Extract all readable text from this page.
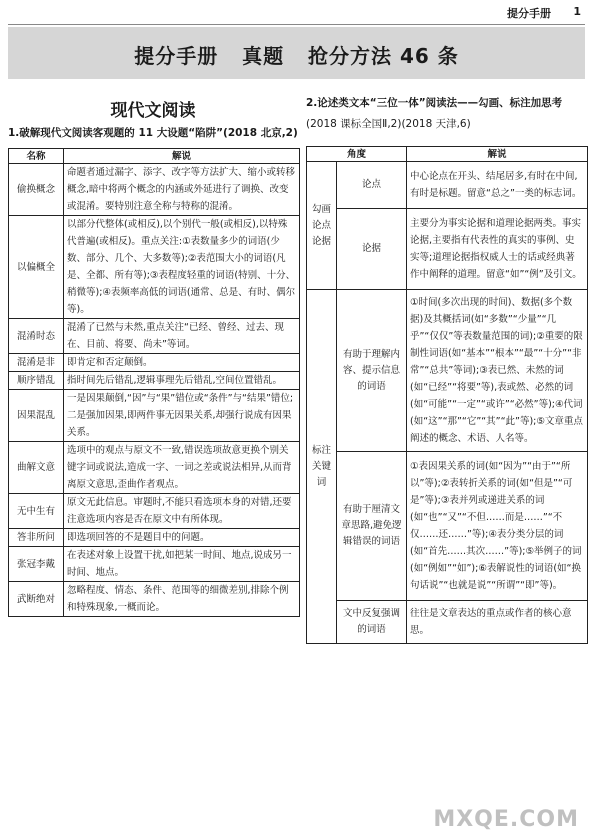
提分手册 1
提分手册   真题   抢分方法 46 条
现代文阅读
1.破解现代文阅读客观题的 11 大设题“陷阱”(2018 北京,2)
名称	解说
偷换概念	命题者通过漏字、添字、改字等方法扩大、缩小或转移概念,暗中将两个概念的内涵或外延进行了调换、改变或混淆。要特别注意全称与特称的混淆。
以偏概全	以部分代整体(或相反),以个别代一般(或相反),以特殊代普遍(或相反)。重点关注:①表数量多少的词语(少数、部分、几个、大多数等);②表范围大小的词语(凡是、全都、所有等);③表程度轻重的词语(特别、十分、稍微等);④表频率高低的词语(通常、总是、有时、偶尔等)。
混淆时态	混淆了已然与未然,重点关注“已经、曾经、过去、现在、目前、将要、尚未”等词。
混淆是非	即肯定和否定颠倒。
顺序错乱	指时间先后错乱,逻辑事理先后错乱,空间位置错乱。
因果混乱	一是因果颠倒,“因”与“果”错位或“条件”与“结果”错位;二是强加因果,即两件事无因果关系,却强行说成有因果关系。
曲解文意	选项中的观点与原文不一致,错误选项故意更换个别关键字词或说法,造成一字、一词之差或说法相异,从而背离原文意思,歪曲作者观点。
无中生有	原文无此信息。审题时,不能只看选项本身的对错,还要注意选项内容是否在原文中有所体现。
答非所问	即选项回答的不是题目中的问题。
张冠李戴	在表述对象上设置干扰,如把某一时间、地点,说成另一时间、地点。
武断绝对	忽略程度、情态、条件、范围等的细微差别,排除个例和特殊现象,一概而论。
2.论述类文本“三位一体”阅读法——勾画、标注加思考
(2018 课标全国Ⅱ,2)(2018 天津,6)
角度		解说
勾画论点论据	论点	中心论点在开头、结尾居多,有时在中间,有时是标题。留意“总之”一类的标志词。
	论据	主要分为事实论据和道理论据两类。事实论据,主要指有代表性的真实的事例、史实等;道理论据指权威人士的话或经典著作中阐释的道理。留意“如”“例”及引文。
标注关键词	有助于理解内容、提示信息的词语	①时间(多次出现的时间)、数据(多个数据)及其概括词(如“多数”“少量”“几乎”“仅仅”等表数量范围的词);②重要的限制性词语(如“基本”“根本”“最”“十分”“非常”“总共”等词);③表已然、未然的词(如“已经”“将要”等),表或然、必然的词(如“可能”“一定”“或许”“必然”等);④代词(如“这”“那”“它”“其”“此”等);⑤文章重点阐述的概念、术语、人名等。
	有助于厘清文章思路,避免逻辑错误的词语	①表因果关系的词(如“因为”“由于”“所以”等);②表转折关系的词(如“但是”“可是”等);③表并列或递进关系的词(如“也”“又”“不但……而是……”“不仅……还……”等);④表分类分层的词(如“首先……其次……”等);⑤举例子的词(如“例如”“如”);⑥表解说性的词语(如“换句话说”“也就是说”“所谓”“即”等)。
	文中反复强调的词语	往往是文章表达的重点或作者的核心意思。
MXQE.COM
